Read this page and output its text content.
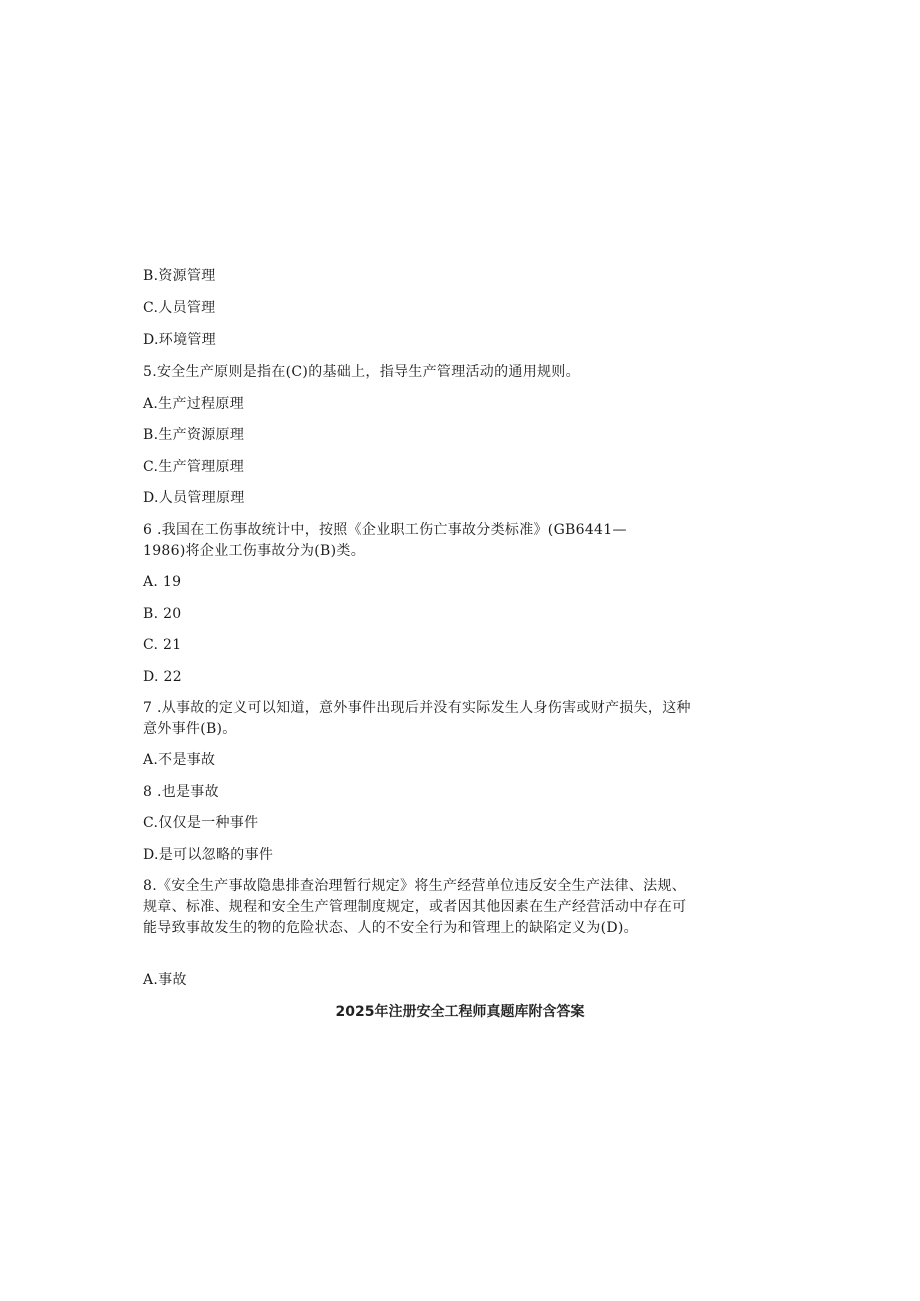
B.资源管理
C.人员管理
D.环境管理
5.安全生产原则是指在(C)的基础上，指导生产管理活动的通用规则。
A.生产过程原理
B.生产资源原理
C.生产管理原理
D.人员管理原理
6 .我国在工伤事故统计中，按照《企业职工伤亡事故分类标准》(GB6441—1986)将企业工伤事故分为(B)类。
A. 19
B. 20
C. 21
D. 22
7 .从事故的定义可以知道，意外事件出现后并没有实际发生人身伤害或财产损失，这种意外事件(B)。
A.不是事故
8 .也是事故
C.仅仅是一种事件
D.是可以忽略的事件
8.《安全生产事故隐患排查治理暂行规定》将生产经营单位违反安全生产法律、法规、规章、标准、规程和安全生产管理制度规定，或者因其他因素在生产经营活动中存在可能导致事故发生的物的危险状态、人的不安全行为和管理上的缺陷定义为(D)。
A.事故
2025年注册安全工程师真题库附含答案
